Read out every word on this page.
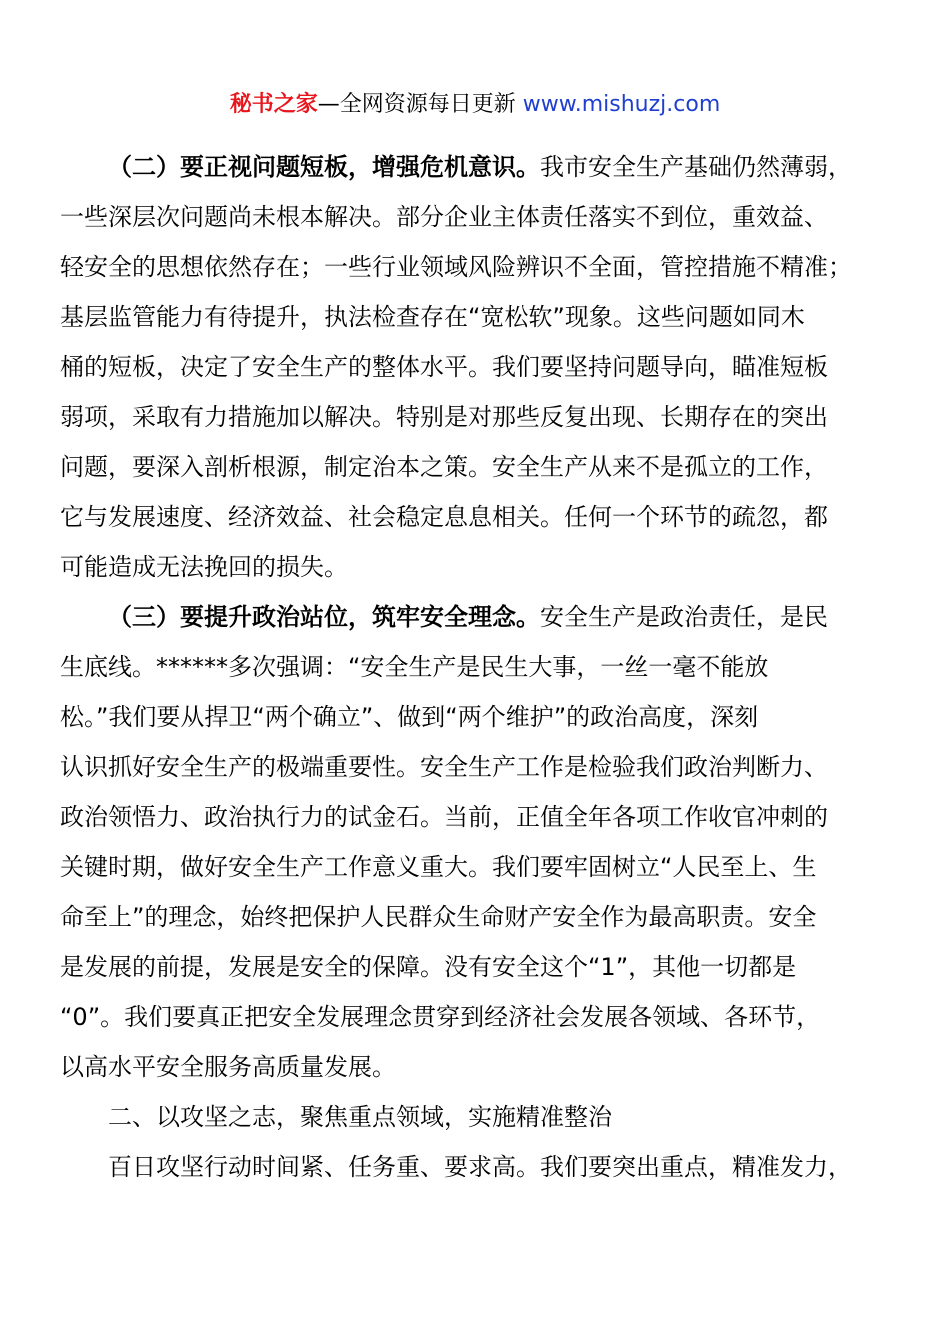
秘书之家—全网资源每日更新 www.mishuzj.com
（二）要正视问题短板，增强危机意识。我市安全生产基础仍然薄弱，
一些深层次问题尚未根本解决。部分企业主体责任落实不到位，重效益、
轻安全的思想依然存在；一些行业领域风险辨识不全面，管控措施不精准；
基层监管能力有待提升，执法检查存在“宽松软”现象。这些问题如同木
桶的短板，决定了安全生产的整体水平。我们要坚持问题导向，瞄准短板
弱项，采取有力措施加以解决。特别是对那些反复出现、长期存在的突出
问题，要深入剖析根源，制定治本之策。安全生产从来不是孤立的工作，
它与发展速度、经济效益、社会稳定息息相关。任何一个环节的疏忽，都
可能造成无法挽回的损失。
（三）要提升政治站位，筑牢安全理念。安全生产是政治责任，是民
生底线。******多次强调：“安全生产是民生大事，一丝一毫不能放
松。”我们要从捍卫“两个确立”、做到“两个维护”的政治高度，深刻
认识抓好安全生产的极端重要性。安全生产工作是检验我们政治判断力、
政治领悟力、政治执行力的试金石。当前，正值全年各项工作收官冲刺的
关键时期，做好安全生产工作意义重大。我们要牢固树立“人民至上、生
命至上”的理念，始终把保护人民群众生命财产安全作为最高职责。安全
是发展的前提，发展是安全的保障。没有安全这个“1”，其他一切都是
“0”。我们要真正把安全发展理念贯穿到经济社会发展各领域、各环节，
以高水平安全服务高质量发展。
二、以攻坚之志，聚焦重点领域，实施精准整治
百日攻坚行动时间紧、任务重、要求高。我们要突出重点，精准发力，
